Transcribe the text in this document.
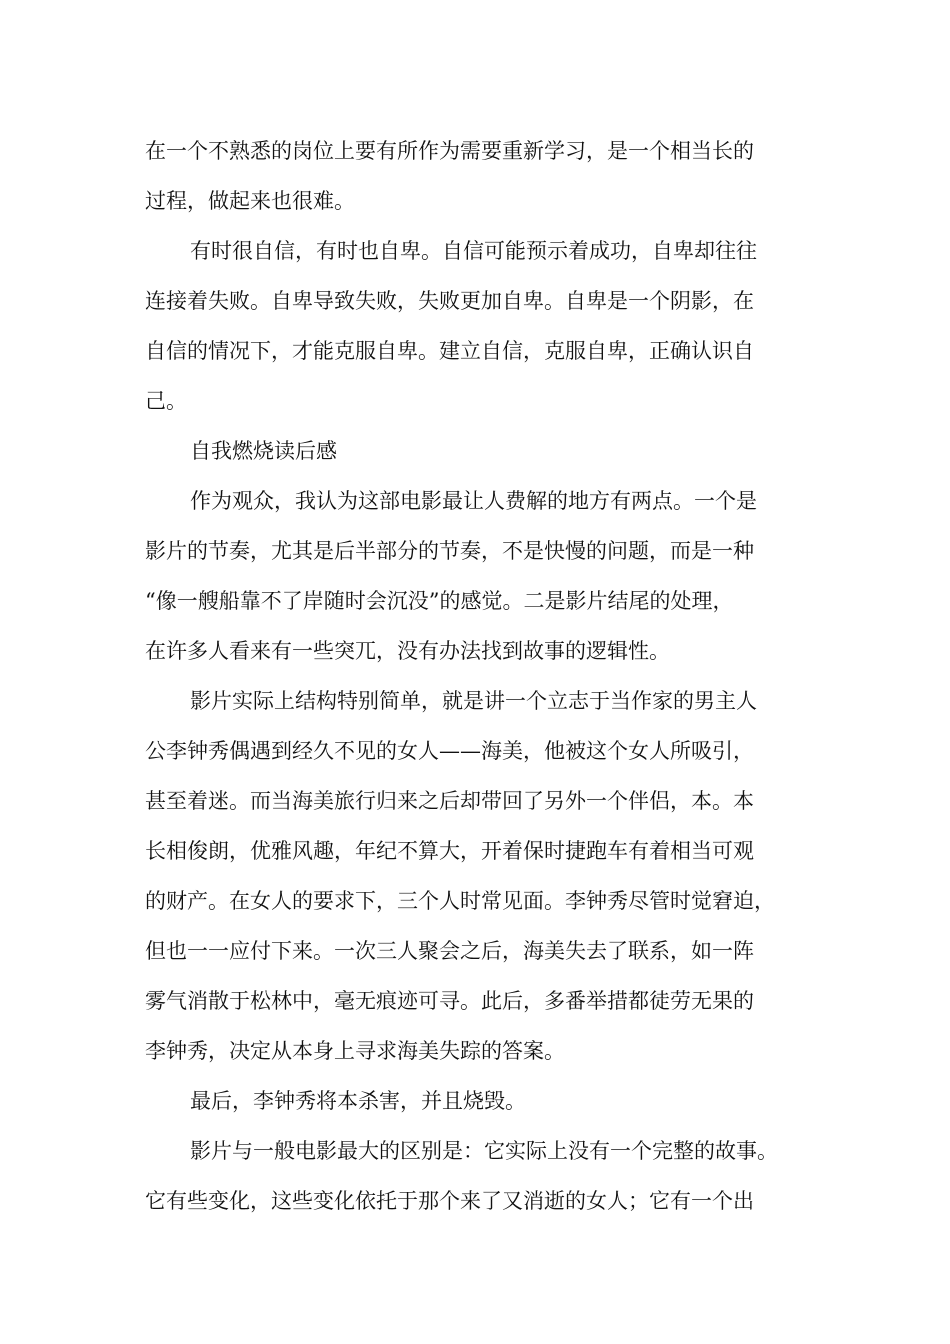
在一个不熟悉的岗位上要有所作为需要重新学习，是一个相当长的

过程，做起来也很难。

有时很自信，有时也自卑。自信可能预示着成功，自卑却往往

连接着失败。自卑导致失败，失败更加自卑。自卑是一个阴影，在

自信的情况下，才能克服自卑。建立自信，克服自卑，正确认识自

己。

自我燃烧读后感

作为观众，我认为这部电影最让人费解的地方有两点。一个是

影片的节奏，尤其是后半部分的节奏，不是快慢的问题，而是一种

“像一艘船靠不了岸随时会沉没”的感觉。二是影片结尾的处理，

在许多人看来有一些突兀，没有办法找到故事的逻辑性。

影片实际上结构特别简单，就是讲一个立志于当作家的男主人

公李钟秀偶遇到经久不见的女人——海美，他被这个女人所吸引，

甚至着迷。而当海美旅行归来之后却带回了另外一个伴侣，本。本

长相俊朗，优雅风趣，年纪不算大，开着保时捷跑车有着相当可观

的财产。在女人的要求下，三个人时常见面。李钟秀尽管时觉窘迫，

但也一一应付下来。一次三人聚会之后，海美失去了联系，如一阵

雾气消散于松林中，毫无痕迹可寻。此后，多番举措都徒劳无果的

李钟秀，决定从本身上寻求海美失踪的答案。

最后，李钟秀将本杀害，并且烧毁。

影片与一般电影最大的区别是：它实际上没有一个完整的故事。

它有些变化，这些变化依托于那个来了又消逝的女人；它有一个出
